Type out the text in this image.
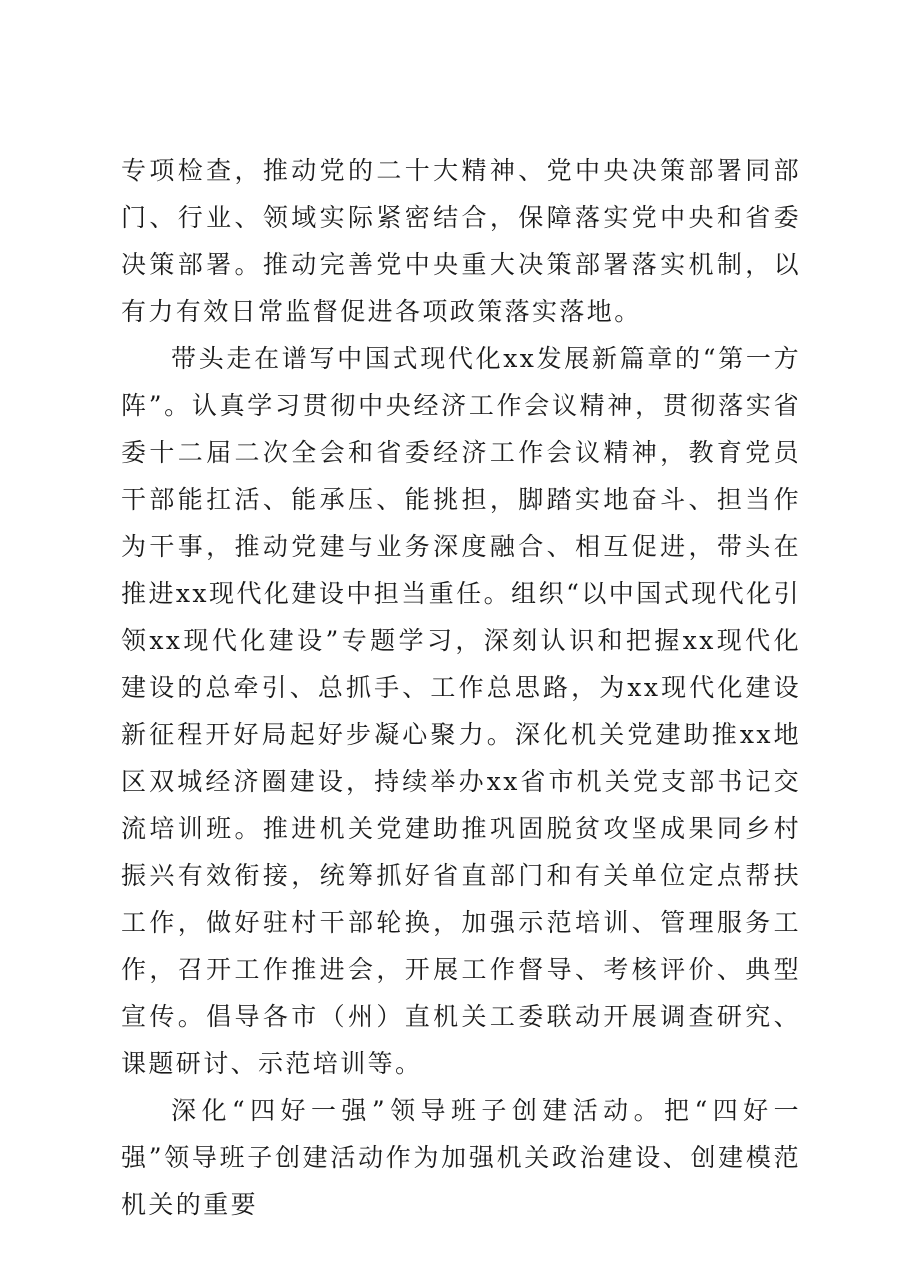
专项检查，推动党的二十大精神、党中央决策部署同部门、行业、领域实际紧密结合，保障落实党中央和省委决策部署。推动完善党中央重大决策部署落实机制，以有力有效日常监督促进各项政策落实落地。

带头走在谱写中国式现代化xx发展新篇章的“第一方阵”。认真学习贯彻中央经济工作会议精神，贯彻落实省委十二届二次全会和省委经济工作会议精神，教育党员干部能扛活、能承压、能挑担，脚踏实地奋斗、担当作为干事，推动党建与业务深度融合、相互促进，带头在推进xx现代化建设中担当重任。组织“以中国式现代化引领xx现代化建设”专题学习，深刻认识和把握xx现代化建设的总牵引、总抓手、工作总思路，为xx现代化建设新征程开好局起好步凝心聚力。深化机关党建助推xx地区双城经济圈建设，持续举办xx省市机关党支部书记交流培训班。推进机关党建助推巩固脱贫攻坚成果同乡村振兴有效衔接，统筹抓好省直部门和有关单位定点帮扶工作，做好驻村干部轮换，加强示范培训、管理服务工作，召开工作推进会，开展工作督导、考核评价、典型宣传。倡导各市（州）直机关工委联动开展调查研究、课题研讨、示范培训等。

深化“四好一强”领导班子创建活动。把“四好一强”领导班子创建活动作为加强机关政治建设、创建模范机关的重要
